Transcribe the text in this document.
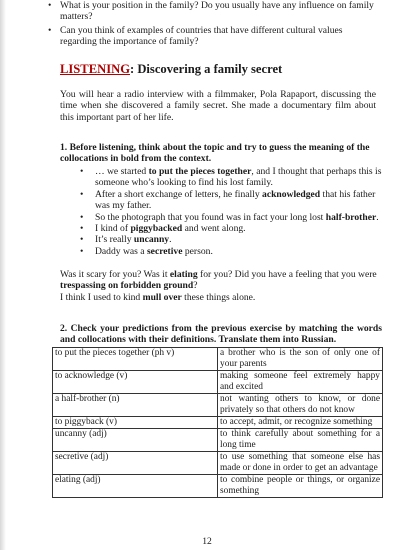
• What is your position in the family? Do you usually have any influence on family matters?
• Can you think of examples of countries that have different cultural values regarding the importance of family?
LISTENING: Discovering a family secret
You will hear a radio interview with a filmmaker, Pola Rapaport, discussing the time when she discovered a family secret. She made a documentary film about this important part of her life.
1. Before listening, think about the topic and try to guess the meaning of the collocations in bold from the context.
• … we started to put the pieces together, and I thought that perhaps this is someone who’s looking to find his lost family.
• After a short exchange of letters, he finally acknowledged that his father was my father.
• So the photograph that you found was in fact your long lost half-brother.
• I kind of piggybacked and went along.
• It’s really uncanny.
• Daddy was a secretive person.
Was it scary for you? Was it elating for you? Did you have a feeling that you were trespassing on forbidden ground?
I think I used to kind mull over these things alone.
2. Check your predictions from the previous exercise by matching the words and collocations with their definitions. Translate them into Russian.
to put the pieces together (ph v)	a brother who is the son of only one of your parents
to acknowledge (v)	making someone feel extremely happy and excited
a half-brother (n)	not wanting others to know, or done privately so that others do not know
to piggyback (v)	to accept, admit, or recognize something
uncanny (adj)	to think carefully about something for a long time
secretive (adj)	to use something that someone else has made or done in order to get an advantage
elating (adj)	to combine people or things, or organize something
12
